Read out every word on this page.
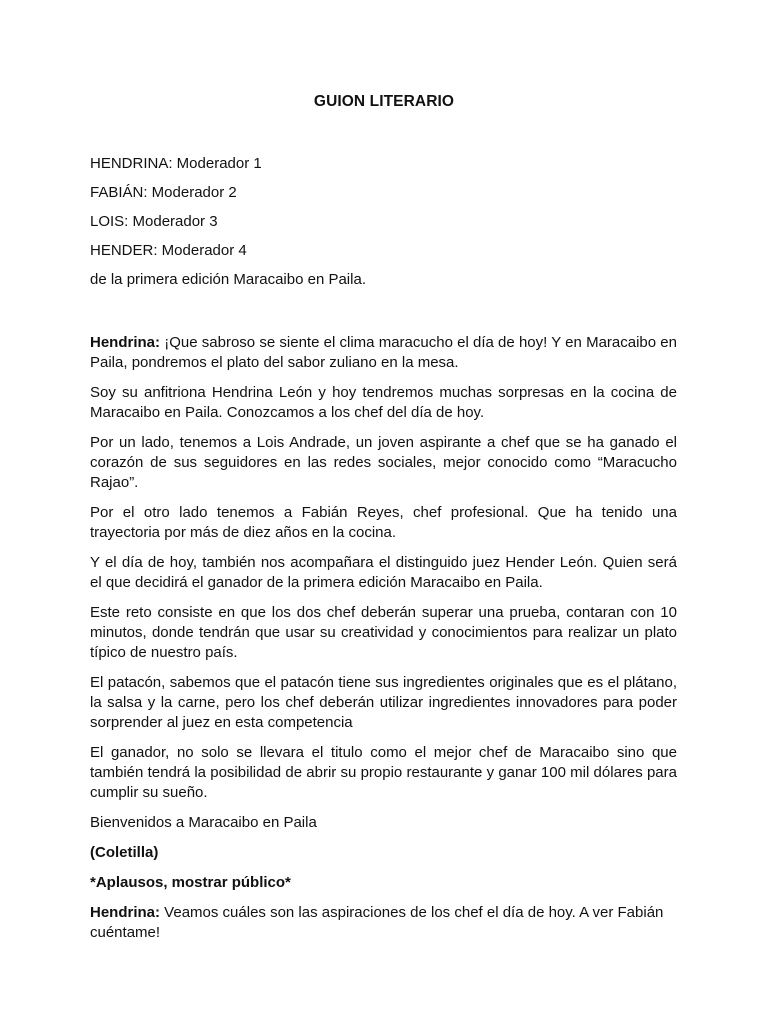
GUION LITERARIO
HENDRINA: Moderador 1
FABIÁN: Moderador 2
LOIS: Moderador 3
HENDER: Moderador 4
de la primera edición Maracaibo en Paila.

Hendrina: ¡Que sabroso se siente el clima maracucho el día de hoy! Y en Maracaibo en Paila, pondremos el plato del sabor zuliano en la mesa.

Soy su anfitriona Hendrina León y hoy tendremos muchas sorpresas en la cocina de Maracaibo en Paila. Conozcamos a los chef del día de hoy.

Por un lado, tenemos a Lois Andrade, un joven aspirante a chef que se ha ganado el corazón de sus seguidores en las redes sociales, mejor conocido como “Maracucho Rajao”.

Por el otro lado tenemos a Fabián Reyes, chef profesional. Que ha tenido una trayectoria por más de diez años en la cocina.

Y el día de hoy, también nos acompañara el distinguido juez Hender León. Quien será el que decidirá el ganador de la primera edición Maracaibo en Paila.

Este reto consiste en que los dos chef deberán superar una prueba, contaran con 10 minutos, donde tendrán que usar su creatividad y conocimientos para realizar un plato típico de nuestro país.

El patacón, sabemos que el patacón tiene sus ingredientes originales que es el plátano, la salsa y la carne, pero los chef deberán utilizar ingredientes innovadores para poder sorprender al juez en esta competencia

El ganador, no solo se llevara el titulo como el mejor chef de Maracaibo sino que también tendrá la posibilidad de abrir su propio restaurante y ganar 100 mil dólares para cumplir su sueño.

Bienvenidos a Maracaibo en Paila

(Coletilla)

*Aplausos, mostrar público*

Hendrina: Veamos cuáles son las aspiraciones de los chef el día de hoy. A ver Fabián cuéntame!
